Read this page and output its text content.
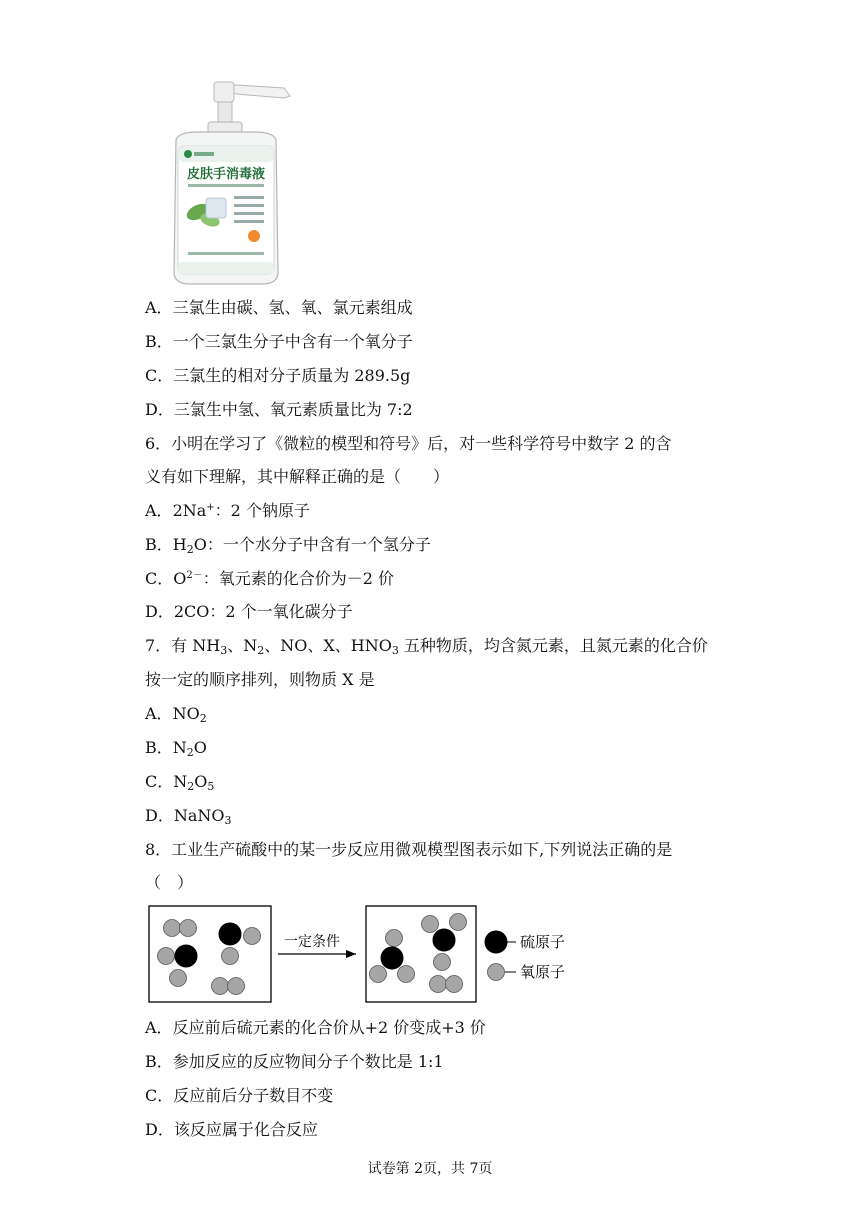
皮肤手消毒液
A．三氯生由碳、氢、氧、氯元素组成
B．一个三氯生分子中含有一个氧分子
C．三氯生的相对分子质量为 289.5g
D．三氯生中氢、氧元素质量比为 7:2
6．小明在学习了《微粒的模型和符号》后，对一些科学符号中数字 2 的含
义有如下理解，其中解释正确的是（　　）
A．2Na+：2 个钠原子
B．$H_2O$：一个水分子中含有一个氢分子
C．$O^{2-}$：氧元素的化合价为－2 价
D．2CO：2 个一氧化碳分子
7．有 $NH_3$、$N_2$、NO、X、$HNO_3$ 五种物质，均含氮元素，且氮元素的化合价
按一定的顺序排列，则物质 X 是
A．$NO_2$
B．$N_2O$
C．$N_2O_5$
D．NaNO$_3$
8．工业生产硫酸中的某一步反应用微观模型图表示如下,下列说法正确的是
（　）
一定条件	硫原子
氧原子
A．反应前后硫元素的化合价从+2 价变成+3 价
B．参加反应的反应物间分子个数比是 1:1
C．反应前后分子数目不变
D．该反应属于化合反应
试卷第 2页，共 7页
